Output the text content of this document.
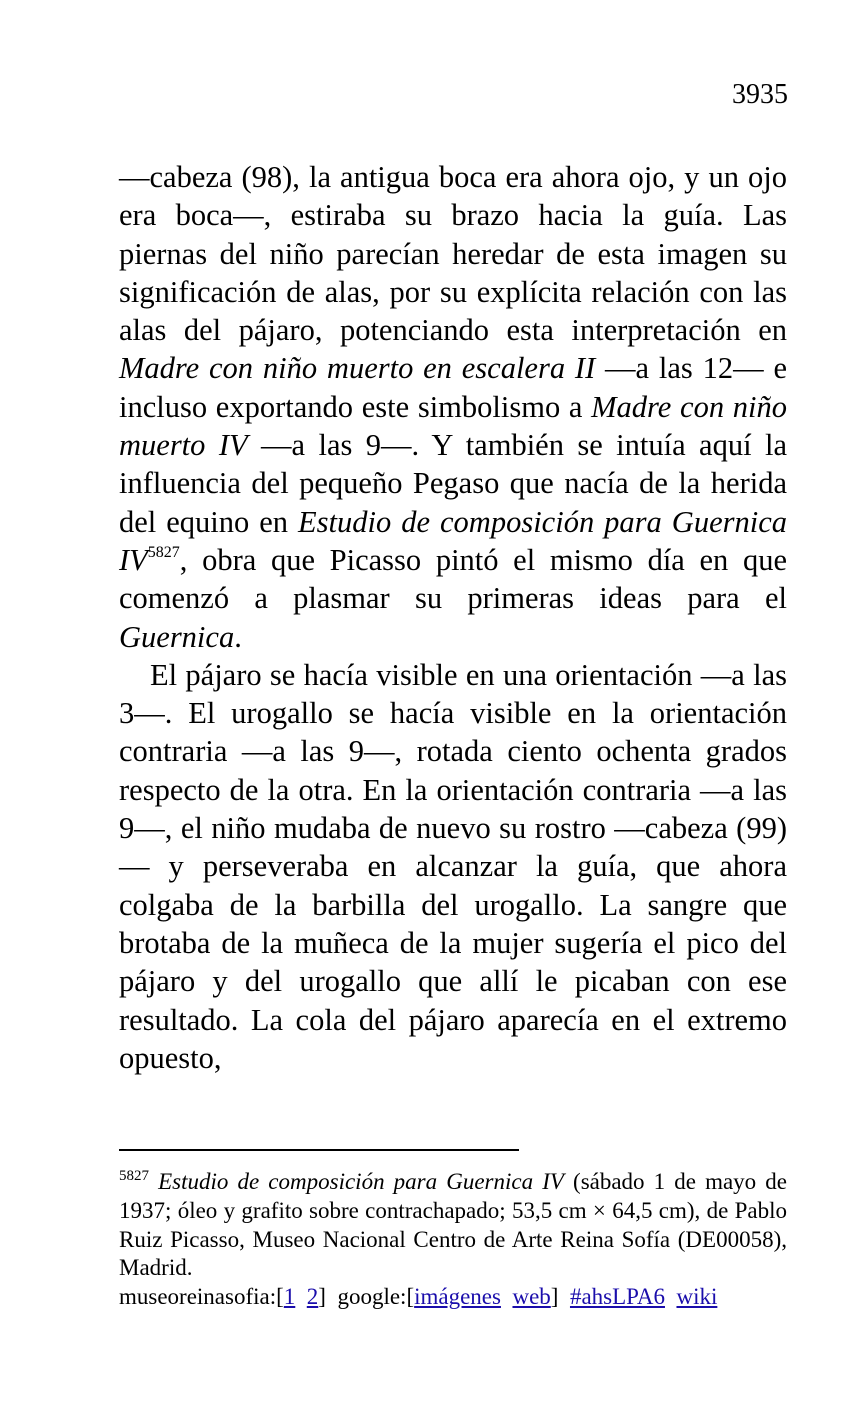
3935

—cabeza (98), la antigua boca era ahora ojo, y un ojo era boca—, estiraba su brazo hacia la guía. Las piernas del niño parecían heredar de esta imagen su significación de alas, por su explícita relación con las alas del pájaro, potenciando esta interpretación en Madre con niño muerto en escalera II —a las 12— e incluso exportando este simbolismo a Madre con niño muerto IV —a las 9—. Y también se intuía aquí la influencia del pequeño Pegaso que nacía de la herida del equino en Estudio de composición para Guernica IV$^{5827}$, obra que Picasso pintó el mismo día en que comenzó a plasmar su primeras ideas para el Guernica.

El pájaro se hacía visible en una orientación —a las 3—. El urogallo se hacía visible en la orientación contraria —a las 9—, rotada ciento ochenta grados respecto de la otra. En la orientación contraria —a las 9—, el niño mudaba de nuevo su rostro —cabeza (99)— y perseveraba en alcanzar la guía, que ahora colgaba de la barbilla del urogallo. La sangre que brotaba de la muñeca de la mujer sugería el pico del pájaro y del urogallo que allí le picaban con ese resultado. La cola del pájaro aparecía en el extremo opuesto,

$^{5827}$ Estudio de composición para Guernica IV (sábado 1 de mayo de 1937; óleo y grafito sobre contrachapado; 53,5 cm × 64,5 cm), de Pablo Ruiz Picasso, Museo Nacional Centro de Arte Reina Sofía (DE00058), Madrid.

museoreinasofia:[1 2] google:[imágenes web] #ahsLPA6 wiki
